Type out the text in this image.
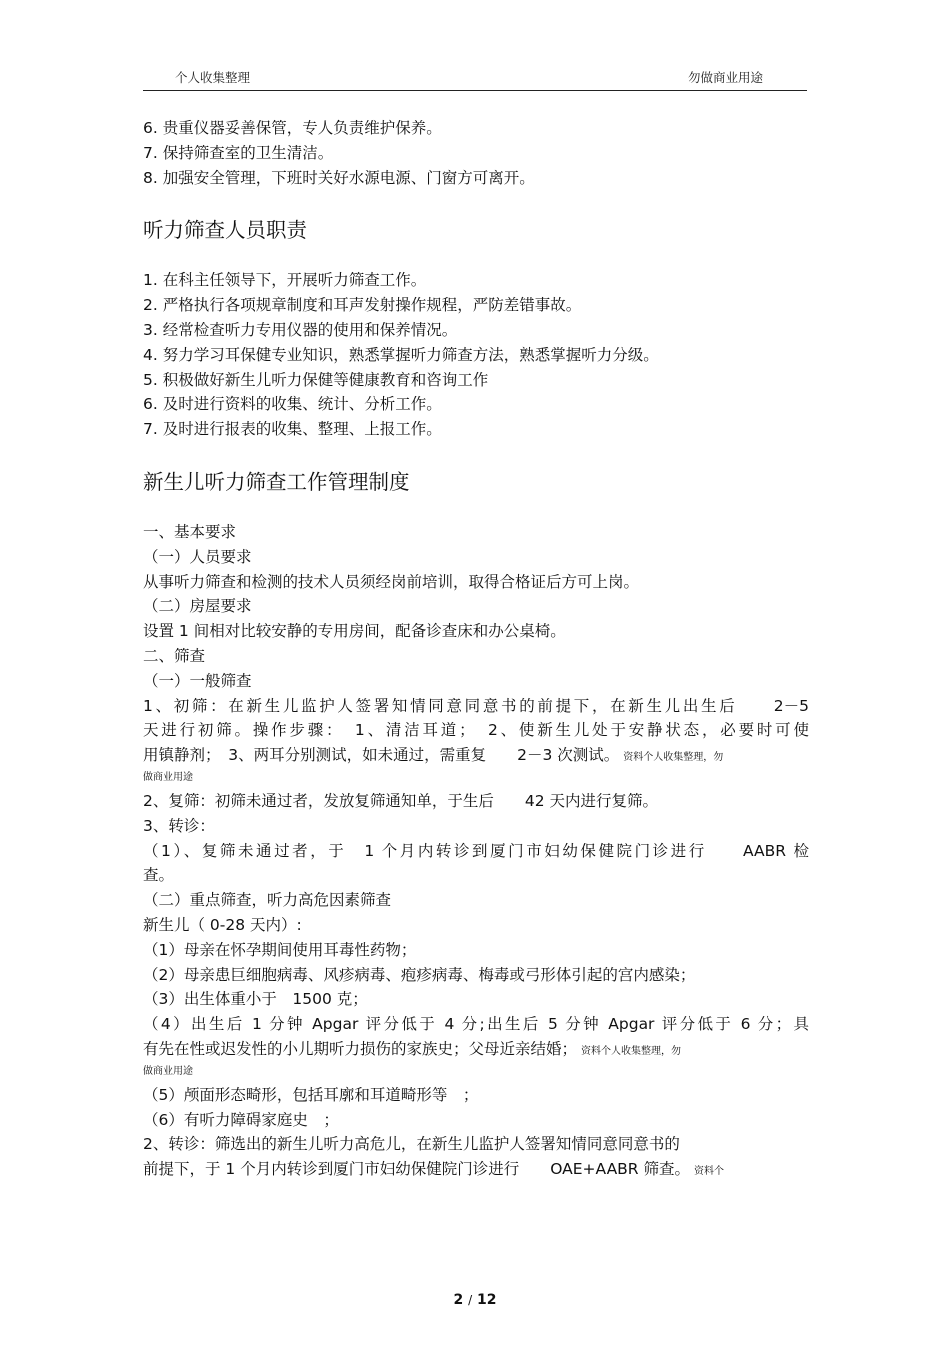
个人收集整理	勿做商业用途
6. 贵重仪器妥善保管，专人负责维护保养。
7. 保持筛查室的卫生清洁。
8. 加强安全管理，下班时关好水源电源、门窗方可离开。
听力筛查人员职责
1. 在科主任领导下，开展听力筛查工作。
2. 严格执行各项规章制度和耳声发射操作规程，严防差错事故。
3. 经常检查听力专用仪器的使用和保养情况。
4. 努力学习耳保健专业知识，熟悉掌握听力筛查方法，熟悉掌握听力分级。
5. 积极做好新生儿听力保健等健康教育和咨询工作
6. 及时进行资料的收集、统计、分析工作。
7. 及时进行报表的收集、整理、上报工作。
新生儿听力筛查工作管理制度
一、基本要求
（一）人员要求
从事听力筛查和检测的技术人员须经岗前培训，取得合格证后方可上岗。
（二）房屋要求
设置 1 间相对比较安静的专用房间，配备诊查床和办公桌椅。
二、筛查
（一）一般筛查
1、初筛：在新生儿监护人签署知情同意同意书的前提下，在新生儿出生后　　2－5
天进行初筛。操作步骤：　1、清洁耳道；　2、使新生儿处于安静状态，必要时可使
用镇静剂；　3、两耳分别测试，如未通过，需重复　　2－3 次测试。 资料个人收集整理，勿
做商业用途
2、复筛：初筛未通过者，发放复筛通知单，于生后　　42 天内进行复筛。
3、转诊：
（1）、复筛未通过者，于　1 个月内转诊到厦门市妇幼保健院门诊进行　　AABR 检
查。
（二）重点筛查，听力高危因素筛查
新生儿（ 0-28 天内）:
（1）母亲在怀孕期间使用耳毒性药物；
（2）母亲患巨细胞病毒、风疹病毒、疱疹病毒、梅毒或弓形体引起的宫内感染；
（3）出生体重小于　1500 克；
（4）出生后 1 分钟 Apgar 评分低于 4 分;出生后 5 分钟 Apgar 评分低于 6 分；具
有先在性或迟发性的小儿期听力损伤的家族史；父母近亲结婚； 资料个人收集整理，勿
做商业用途
（5）颅面形态畸形，包括耳廓和耳道畸形等　；
（6）有听力障碍家庭史　；
2、转诊：筛选出的新生儿听力高危儿，在新生儿监护人签署知情同意同意书的
前提下，于 1 个月内转诊到厦门市妇幼保健院门诊进行　　OAE+AABR 筛查。 资料个
2 / 12
